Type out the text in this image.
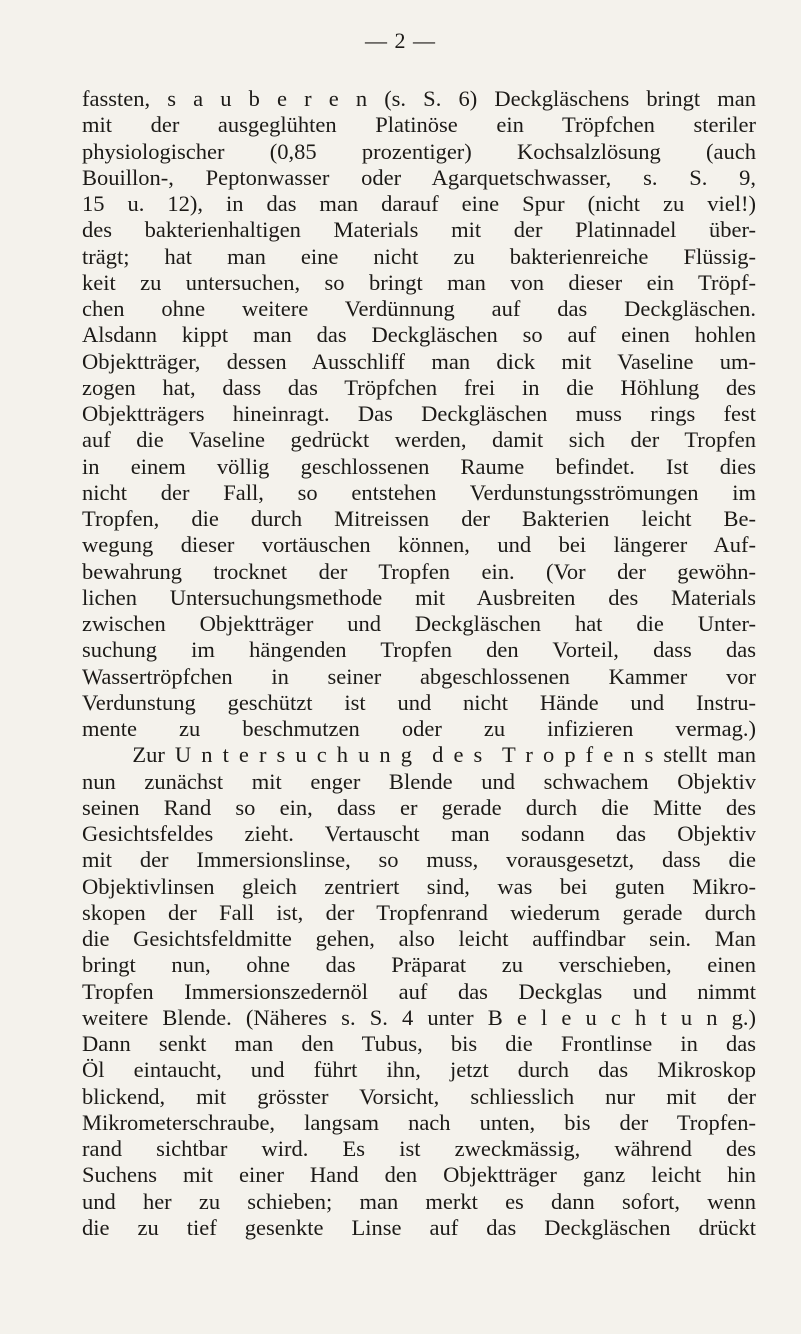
— 2 —
fassten, s a u b e r e n (s. S. 6) Deckgläschens bringt man
mit der ausgeglühten Platinöse ein Tröpfchen steriler
physiologischer (0,85 prozentiger) Kochsalzlösung (auch
Bouillon-, Peptonwasser oder Agarquetschwasser, s. S. 9,
15 u. 12), in das man darauf eine Spur (nicht zu viel!)
des bakterienhaltigen Materials mit der Platinnadel über-
trägt; hat man eine nicht zu bakterienreiche Flüssig-
keit zu untersuchen, so bringt man von dieser ein Tröpf-
chen ohne weitere Verdünnung auf das Deckgläschen.
Alsdann kippt man das Deckgläschen so auf einen hohlen
Objektträger, dessen Ausschliff man dick mit Vaseline um-
zogen hat, dass das Tröpfchen frei in die Höhlung des
Objektträgers hineinragt. Das Deckgläschen muss rings fest
auf die Vaseline gedrückt werden, damit sich der Tropfen
in einem völlig geschlossenen Raume befindet. Ist dies
nicht der Fall, so entstehen Verdunstungsströmungen im
Tropfen, die durch Mitreissen der Bakterien leicht Be-
wegung dieser vortäuschen können, und bei längerer Auf-
bewahrung trocknet der Tropfen ein. (Vor der gewöhn-
lichen Untersuchungsmethode mit Ausbreiten des Materials
zwischen Objektträger und Deckgläschen hat die Unter-
suchung im hängenden Tropfen den Vorteil, dass das
Wassertröpfchen in seiner abgeschlossenen Kammer vor
Verdunstung geschützt ist und nicht Hände und Instru-
mente zu beschmutzen oder zu infizieren vermag.)
Zur U n t e r s u c h u n g  d e s  T r o p f e n s stellt man
nun zunächst mit enger Blende und schwachem Objektiv
seinen Rand so ein, dass er gerade durch die Mitte des
Gesichtsfeldes zieht. Vertauscht man sodann das Objektiv
mit der Immersionslinse, so muss, vorausgesetzt, dass die
Objektivlinsen gleich zentriert sind, was bei guten Mikro-
skopen der Fall ist, der Tropfenrand wiederum gerade durch
die Gesichtsfeldmitte gehen, also leicht auffindbar sein. Man
bringt nun, ohne das Präparat zu verschieben, einen
Tropfen Immersionszedernöl auf das Deckglas und nimmt
weitere Blende. (Näheres s. S. 4 unter B e l e u c h t u n g.)
Dann senkt man den Tubus, bis die Frontlinse in das
Öl eintaucht, und führt ihn, jetzt durch das Mikroskop
blickend, mit grösster Vorsicht, schliesslich nur mit der
Mikrometerschraube, langsam nach unten, bis der Tropfen-
rand sichtbar wird. Es ist zweckmässig, während des
Suchens mit einer Hand den Objektträger ganz leicht hin
und her zu schieben; man merkt es dann sofort, wenn
die zu tief gesenkte Linse auf das Deckgläschen drückt
